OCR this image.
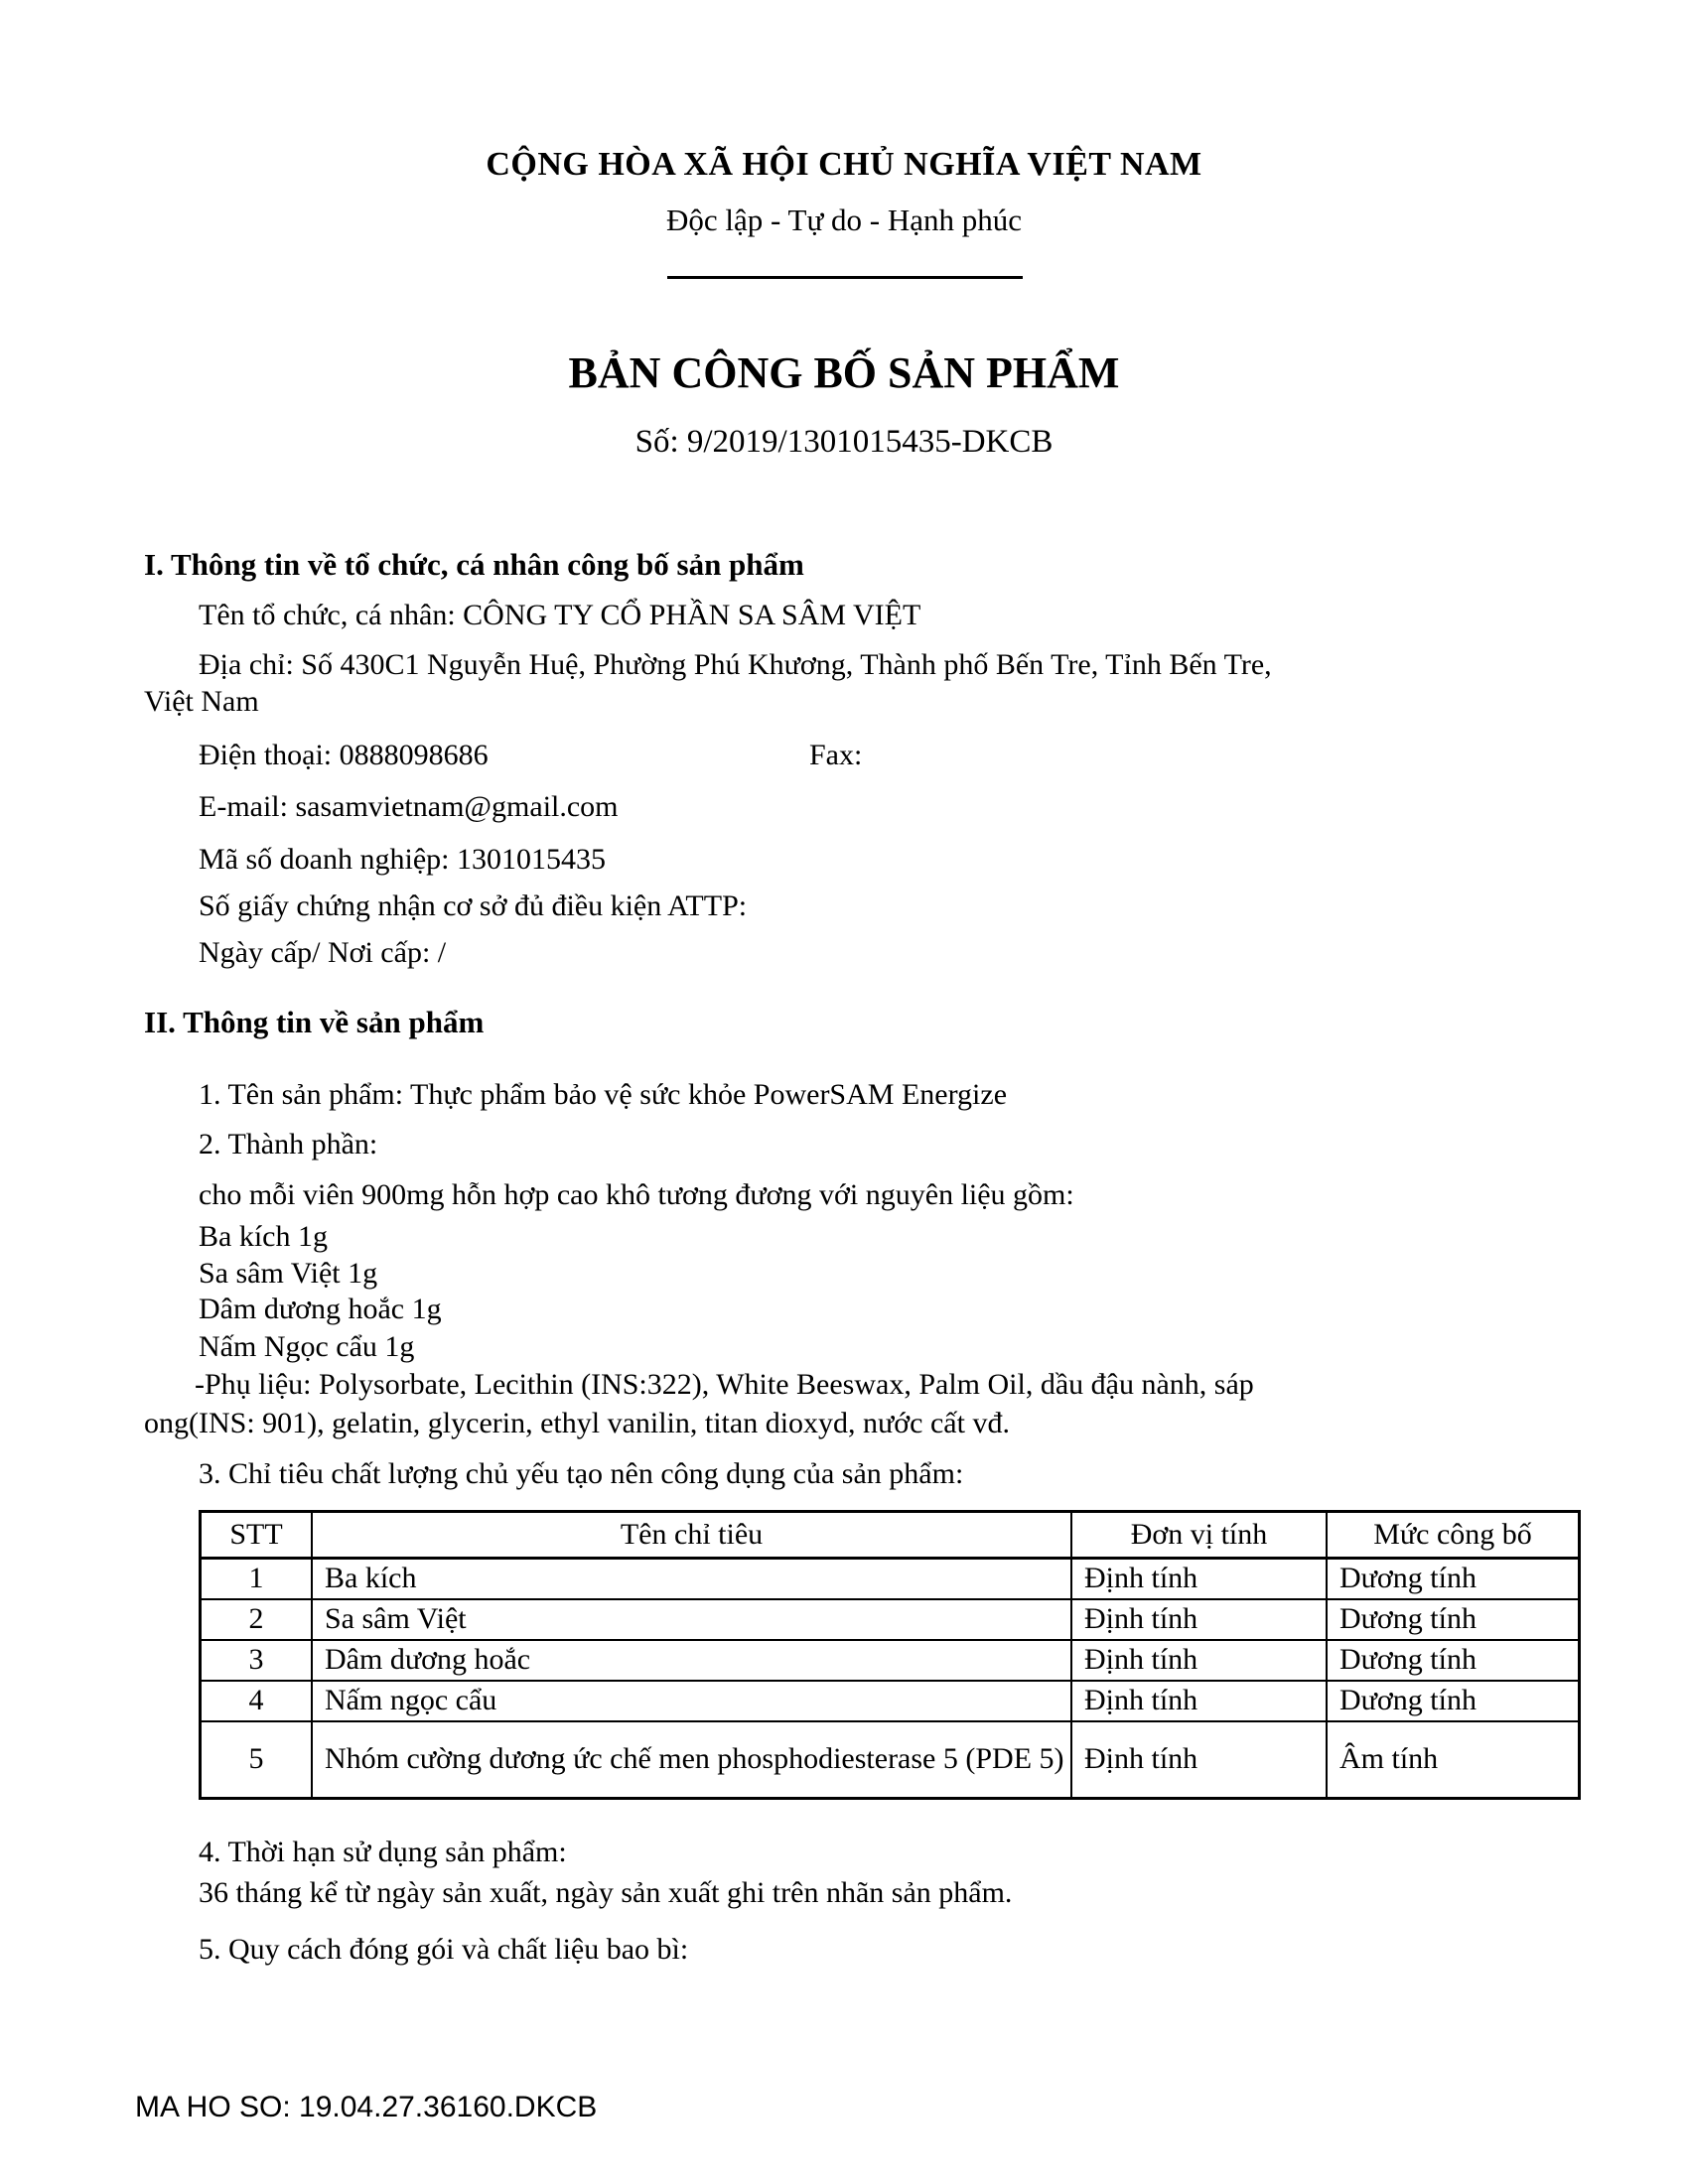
CỘNG HÒA XÃ HỘI CHỦ NGHĨA VIỆT NAM
Độc lập - Tự do - Hạnh phúc
BẢN CÔNG BỐ SẢN PHẨM
Số: 9/2019/1301015435-DKCB
I. Thông tin về tổ chức, cá nhân công bố sản phẩm
Tên tổ chức, cá nhân: CÔNG TY CỔ PHẦN SA SÂM VIỆT
Địa chỉ: Số 430C1 Nguyễn Huệ, Phường Phú Khương, Thành phố Bến Tre, Tỉnh Bến Tre,
Việt Nam
Điện thoại: 0888098686	Fax:
E-mail: sasamvietnam@gmail.com
Mã số doanh nghiệp: 1301015435
Số giấy chứng nhận cơ sở đủ điều kiện ATTP:
Ngày cấp/ Nơi cấp: /
II. Thông tin về sản phẩm
1. Tên sản phẩm: Thực phẩm bảo vệ sức khỏe PowerSAM Energize
2. Thành phần:
cho mỗi viên 900mg hỗn hợp cao khô tương đương với nguyên liệu gồm:
Ba kích 1g
Sa sâm Việt 1g
Dâm dương hoắc 1g
Nấm Ngọc cẩu 1g
-Phụ liệu: Polysorbate, Lecithin (INS:322), White Beeswax, Palm Oil, dầu đậu nành, sáp
ong(INS: 901), gelatin, glycerin, ethyl vanilin, titan dioxyd, nước cất vđ.
3. Chỉ tiêu chất lượng chủ yếu tạo nên công dụng của sản phẩm:
STT	Tên chỉ tiêu	Đơn vị tính	Mức công bố
1	Ba kích	Định tính	Dương tính
2	Sa sâm Việt	Định tính	Dương tính
3	Dâm dương hoắc	Định tính	Dương tính
4	Nấm ngọc cẩu	Định tính	Dương tính
5	Nhóm cường dương ức chế men phosphodiesterase 5 (PDE 5)	Định tính	Âm tính
4. Thời hạn sử dụng sản phẩm:
36 tháng kể từ ngày sản xuất, ngày sản xuất ghi trên nhãn sản phẩm.
5. Quy cách đóng gói và chất liệu bao bì:
MA HO SO: 19.04.27.36160.DKCB
